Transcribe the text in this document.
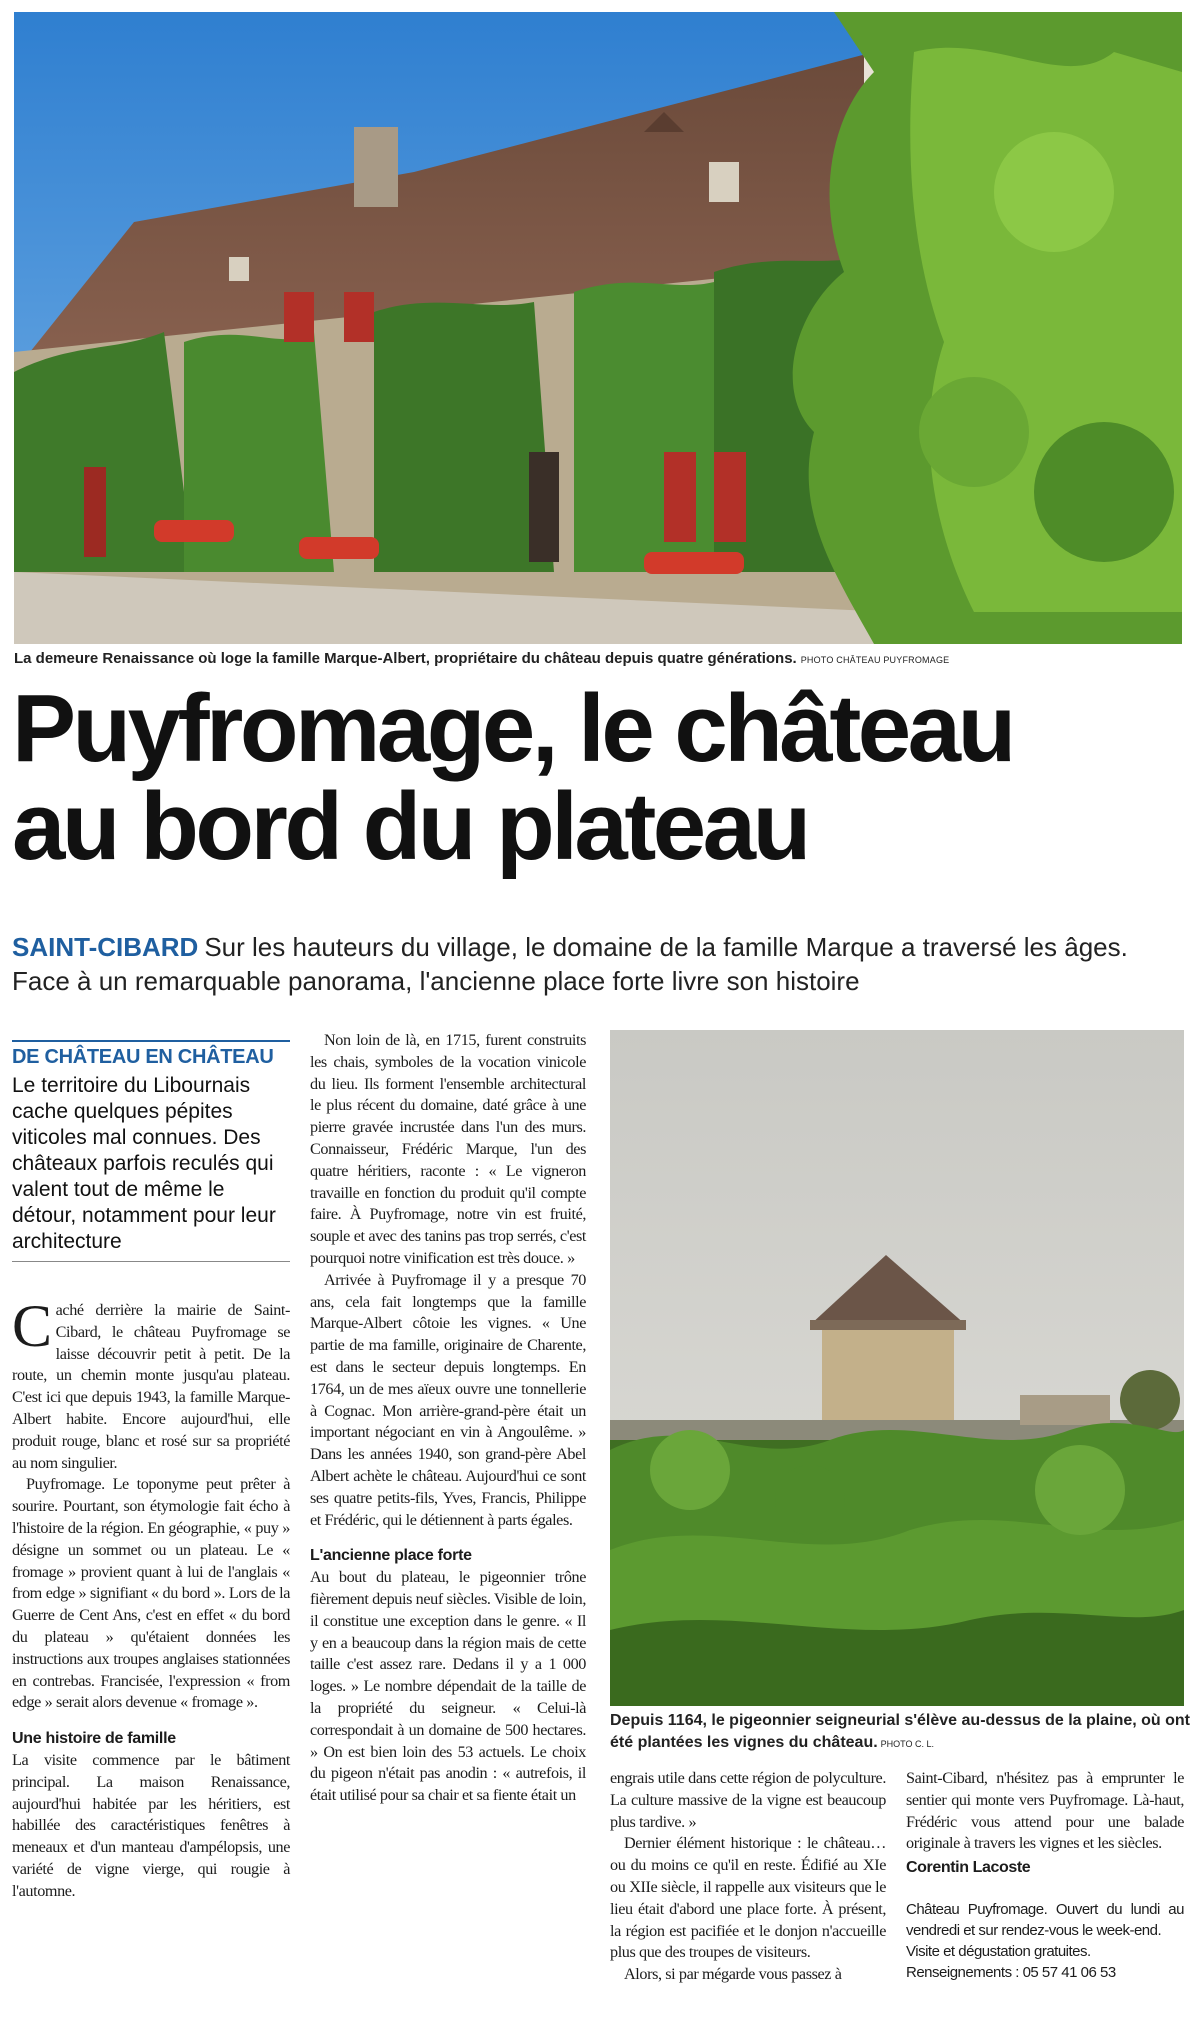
La demeure Renaissance où loge la famille Marque-Albert, propriétaire du château depuis quatre générations. PHOTO CHÂTEAU PUYFROMAGE
Puyfromage, le château
au bord du plateau
SAINT-CIBARD Sur les hauteurs du village, le domaine de la famille Marque a traversé les âges. Face à un remarquable panorama, l'ancienne place forte livre son histoire
DE CHÂTEAU EN CHÂTEAU
Le territoire du Libournais cache quelques pépites viticoles mal connues. Des châteaux parfois reculés qui valent tout de même le détour, notamment pour leur architecture

Caché derrière la mairie de Saint-Cibard, le château Puyfromage se laisse découvrir petit à petit. De la route, un chemin monte jusqu'au plateau. C'est ici que depuis 1943, la famille Marque-Albert habite. Encore aujourd'hui, elle produit rouge, blanc et rosé sur sa propriété au nom singulier.

Puyfromage. Le toponyme peut prêter à sourire. Pourtant, son étymologie fait écho à l'histoire de la région. En géographie, « puy » désigne un sommet ou un plateau. Le « fromage » provient quant à lui de l'anglais « from edge » signifiant « du bord ». Lors de la Guerre de Cent Ans, c'est en effet « du bord du plateau » qu'étaient données les instructions aux troupes anglaises stationnées en contrebas. Francisée, l'expression « from edge » serait alors devenue « fromage ».

Une histoire de famille

La visite commence par le bâtiment principal. La maison Renaissance, aujourd'hui habitée par les héritiers, est habillée des caractéristiques fenêtres à meneaux et d'un manteau d'ampélopsis, une variété de vigne vierge, qui rougie à l'automne.

Non loin de là, en 1715, furent construits les chais, symboles de la vocation vinicole du lieu. Ils forment l'ensemble architectural le plus récent du domaine, daté grâce à une pierre gravée incrustée dans l'un des murs. Connaisseur, Frédéric Marque, l'un des quatre héritiers, raconte : « Le vigneron travaille en fonction du produit qu'il compte faire. À Puyfromage, notre vin est fruité, souple et avec des tanins pas trop serrés, c'est pourquoi notre vinification est très douce. »

Arrivée à Puyfromage il y a presque 70 ans, cela fait longtemps que la famille Marque-Albert côtoie les vignes. « Une partie de ma famille, originaire de Charente, est dans le secteur depuis longtemps. En 1764, un de mes aïeux ouvre une tonnellerie à Cognac. Mon arrière-grand-père était un important négociant en vin à Angoulême. » Dans les années 1940, son grand-père Abel Albert achète le château. Aujourd'hui ce sont ses quatre petits-fils, Yves, Francis, Philippe et Frédéric, qui le détiennent à parts égales.

L'ancienne place forte

Au bout du plateau, le pigeonnier trône fièrement depuis neuf siècles. Visible de loin, il constitue une exception dans le genre. « Il y en a beaucoup dans la région mais de cette taille c'est assez rare. Dedans il y a 1 000 loges. » Le nombre dépendait de la taille de la propriété du seigneur. « Celui-là correspondait à un domaine de 500 hectares. » On est bien loin des 53 actuels. Le choix du pigeon n'était pas anodin : « autrefois, il était utilisé pour sa chair et sa fiente était un

Depuis 1164, le pigeonnier seigneurial s'élève au-dessus de la plaine, où ont été plantées les vignes du château. PHOTO C. L.

engrais utile dans cette région de polyculture. La culture massive de la vigne est beaucoup plus tardive. »

Dernier élément historique : le château… ou du moins ce qu'il en reste. Édifié au XIe ou XIIe siècle, il rappelle aux visiteurs que le lieu était d'abord une place forte. À présent, la région est pacifiée et le donjon n'accueille plus que des troupes de visiteurs.

Alors, si par mégarde vous passez à

Saint-Cibard, n'hésitez pas à emprunter le sentier qui monte vers Puyfromage. Là-haut, Frédéric vous attend pour une balade originale à travers les vignes et les siècles.

Corentin Lacoste
Château Puyfromage. Ouvert du lundi au vendredi et sur rendez-vous le week-end.
Visite et dégustation gratuites.
Renseignements : 05 57 41 06 53
